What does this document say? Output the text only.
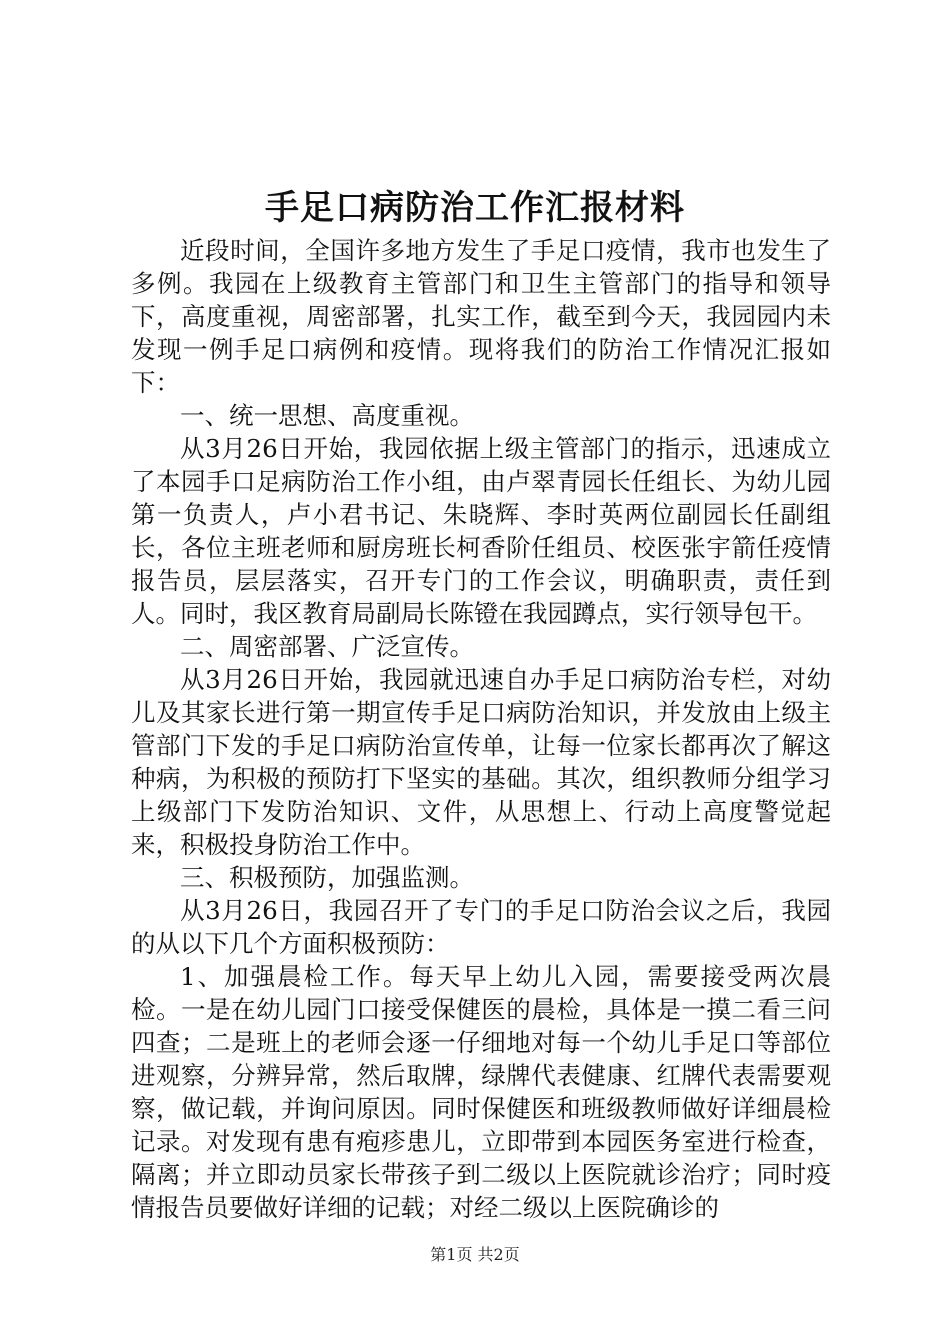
手足口病防治工作汇报材料

近段时间，全国许多地方发生了手足口疫情，我市也发生了多例。我园在上级教育主管部门和卫生主管部门的指导和领导下，高度重视，周密部署，扎实工作，截至到今天，我园园内未发现一例手足口病例和疫情。现将我们的防治工作情况汇报如下：

一、统一思想、高度重视。

从3月26日开始，我园依据上级主管部门的指示，迅速成立了本园手口足病防治工作小组，由卢翠青园长任组长、为幼儿园第一负责人，卢小君书记、朱晓辉、李时英两位副园长任副组长，各位主班老师和厨房班长柯香阶任组员、校医张宇箭任疫情报告员，层层落实，召开专门的工作会议，明确职责，责任到人。同时，我区教育局副局长陈镫在我园蹲点，实行领导包干。

二、周密部署、广泛宣传。

从3月26日开始，我园就迅速自办手足口病防治专栏，对幼儿及其家长进行第一期宣传手足口病防治知识，并发放由上级主管部门下发的手足口病防治宣传单，让每一位家长都再次了解这种病，为积极的预防打下坚实的基础。其次，组织教师分组学习上级部门下发防治知识、文件，从思想上、行动上高度警觉起来，积极投身防治工作中。

三、积极预防，加强监测。

从3月26日，我园召开了专门的手足口防治会议之后，我园的从以下几个方面积极预防：

1、加强晨检工作。每天早上幼儿入园，需要接受两次晨检。一是在幼儿园门口接受保健医的晨检，具体是一摸二看三问四查；二是班上的老师会逐一仔细地对每一个幼儿手足口等部位进观察，分辨异常，然后取牌，绿牌代表健康、红牌代表需要观察，做记载，并询问原因。同时保健医和班级教师做好详细晨检记录。对发现有患有疱疹患儿，立即带到本园医务室进行检查，隔离；并立即动员家长带孩子到二级以上医院就诊治疗；同时疫情报告员要做好详细的记载；对经二级以上医院确诊的

第1页 共2页
